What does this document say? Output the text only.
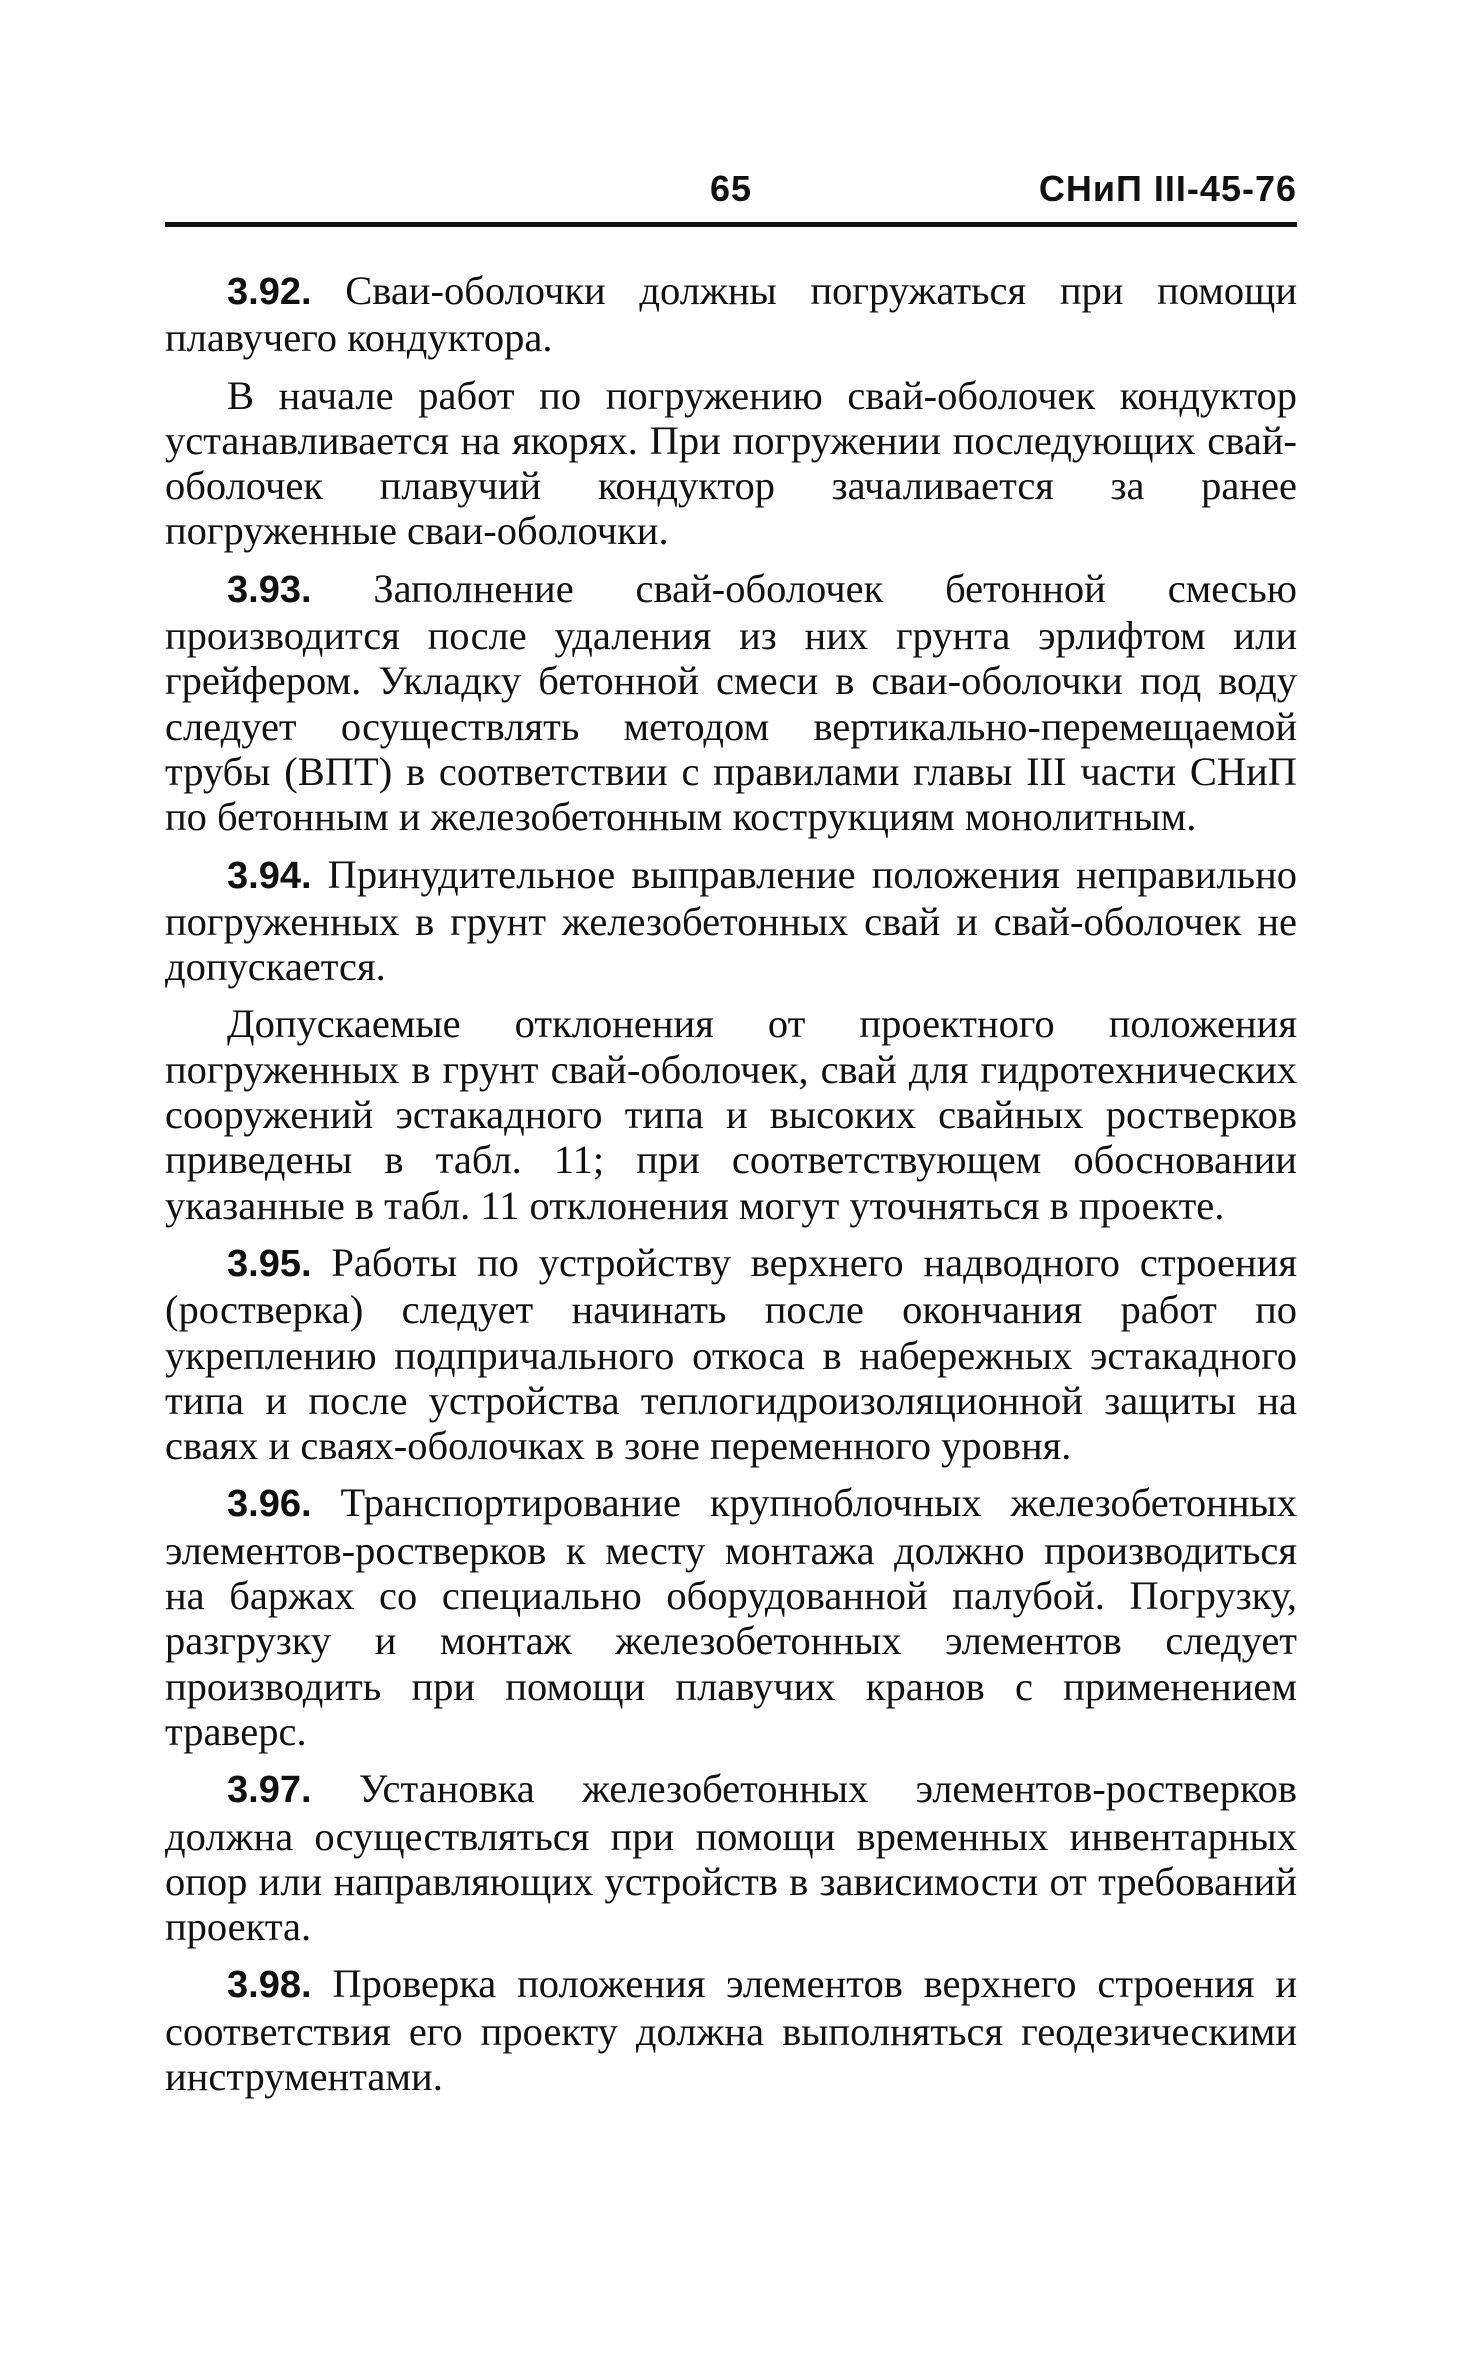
65	СНиП III-45-76

3.92. Сваи-оболочки должны погружаться при помощи плавучего кондуктора.

В начале работ по погружению свай-оболочек кондуктор устанавливается на якорях. При погружении последующих свай-оболочек плавучий кондуктор зачаливается за ранее погруженные сваи-оболочки.

3.93. Заполнение свай-оболочек бетонной смесью производится после удаления из них грунта эрлифтом или грейфером. Укладку бетонной смеси в сваи-оболочки под воду следует осуществлять методом вертикально-перемещаемой трубы (ВПТ) в соответствии с правилами главы III части СНиП по бетонным и железобетонным кострукциям монолитным.

3.94. Принудительное выправление положения неправильно погруженных в грунт железобетонных свай и свай-оболочек не допускается.

Допускаемые отклонения от проектного положения погруженных в грунт свай-оболочек, свай для гидротехнических сооружений эстакадного типа и высоких свайных ростверков приведены в табл. 11; при соответствующем обосновании указанные в табл. 11 отклонения могут уточняться в проекте.

3.95. Работы по устройству верхнего надводного строения (ростверка) следует начинать после окончания работ по укреплению подпричального откоса в набережных эстакадного типа и после устройства теплогидроизоляционной защиты на сваях и сваях-оболочках в зоне переменного уровня.

3.96. Транспортирование крупноблочных железобетонных элементов-ростверков к месту монтажа должно производиться на баржах со специально оборудованной палубой. Погрузку, разгрузку и монтаж железобетонных элементов следует производить при помощи плавучих кранов с применением траверс.

3.97. Установка железобетонных элементов-ростверков должна осуществляться при помощи временных инвентарных опор или направляющих устройств в зависимости от требований проекта.

3.98. Проверка положения элементов верхнего строения и соответствия его проекту должна выполняться геодезическими инструментами.
